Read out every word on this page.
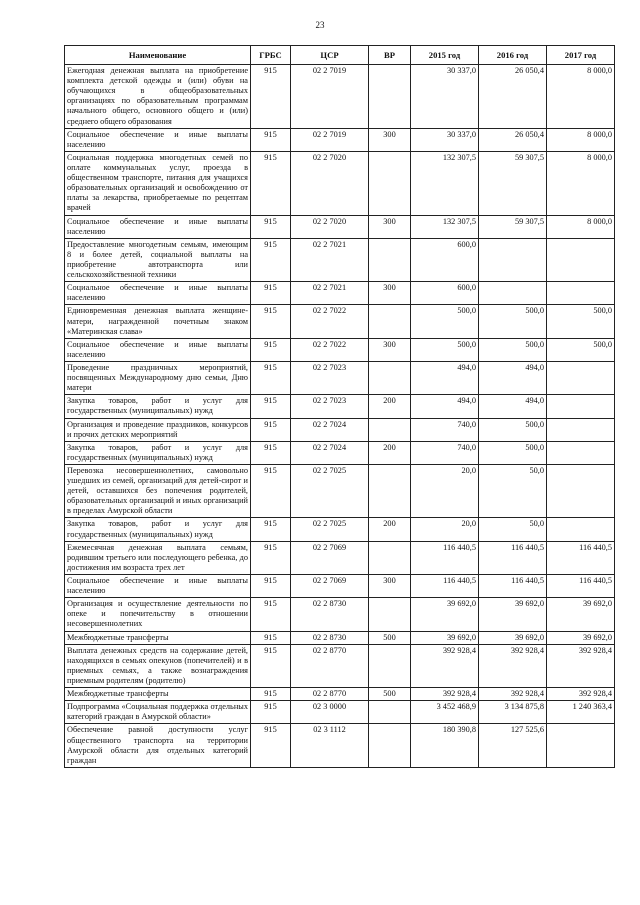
23
Наименование	ГРБС	ЦСР	ВР	2015 год	2016 год	2017 год
Ежегодная денежная выплата на приобретение комплекта детской одежды и (или) обуви на обучающихся в общеобразовательных организациях по образовательным программам начального общего, основного общего и (или) среднего общего образования	915	02 2 7019		30 337,0	26 050,4	8 000,0
Социальное обеспечение и иные выплаты населению	915	02 2 7019	300	30 337,0	26 050,4	8 000,0
Социальная поддержка многодетных семей по оплате коммунальных услуг, проезда в общественном транспорте, питания для учащихся образовательных организаций и освобождению от платы за лекарства, приобретаемые по рецептам врачей	915	02 2 7020		132 307,5	59 307,5	8 000,0
Социальное обеспечение и иные выплаты населению	915	02 2 7020	300	132 307,5	59 307,5	8 000,0
Предоставление многодетным семьям, имеющим 8 и более детей, социальной выплаты на приобретение автотранспорта или сельскохозяйственной техники	915	02 2 7021		600,0		
Социальное обеспечение и иные выплаты населению	915	02 2 7021	300	600,0		
Единовременная денежная выплата женщине-матери, награжденной почетным знаком «Материнская слава»	915	02 2 7022		500,0	500,0	500,0
Социальное обеспечение и иные выплаты населению	915	02 2 7022	300	500,0	500,0	500,0
Проведение праздничных мероприятий, посвященных Международному дню семьи, Дню матери	915	02 2 7023		494,0	494,0	
Закупка товаров, работ и услуг для государственных (муниципальных) нужд	915	02 2 7023	200	494,0	494,0	
Организация и проведение праздников, конкурсов и прочих детских мероприятий	915	02 2 7024		740,0	500,0	
Закупка товаров, работ и услуг для государственных (муниципальных) нужд	915	02 2 7024	200	740,0	500,0	
Перевозка несовершеннолетних, самовольно ушедших из семей, организаций для детей-сирот и детей, оставшихся без попечения родителей, образовательных организаций и иных организаций в пределах Амурской области	915	02 2 7025		20,0	50,0	
Закупка товаров, работ и услуг для государственных (муниципальных) нужд	915	02 2 7025	200	20,0	50,0	
Ежемесячная денежная выплата семьям, родившим третьего или последующего ребенка, до достижения им возраста трех лет	915	02 2 7069		116 440,5	116 440,5	116 440,5
Социальное обеспечение и иные выплаты населению	915	02 2 7069	300	116 440,5	116 440,5	116 440,5
Организация и осуществление деятельности по опеке и попечительству в отношении несовершеннолетних	915	02 2 8730		39 692,0	39 692,0	39 692,0
Межбюджетные трансферты	915	02 2 8730	500	39 692,0	39 692,0	39 692,0
Выплата денежных средств на содержание детей, находящихся в семьях опекунов (попечителей) и в приемных семьях, а также вознаграждения приемным родителям (родителю)	915	02 2 8770		392 928,4	392 928,4	392 928,4
Межбюджетные трансферты	915	02 2 8770	500	392 928,4	392 928,4	392 928,4
Подпрограмма «Социальная поддержка отдельных категорий граждан в Амурской области»	915	02 3 0000		3 452 468,9	3 134 875,8	1 240 363,4
Обеспечение равной доступности услуг общественного транспорта на территории Амурской области для отдельных категорий граждан	915	02 3 1112		180 390,8	127 525,6	
